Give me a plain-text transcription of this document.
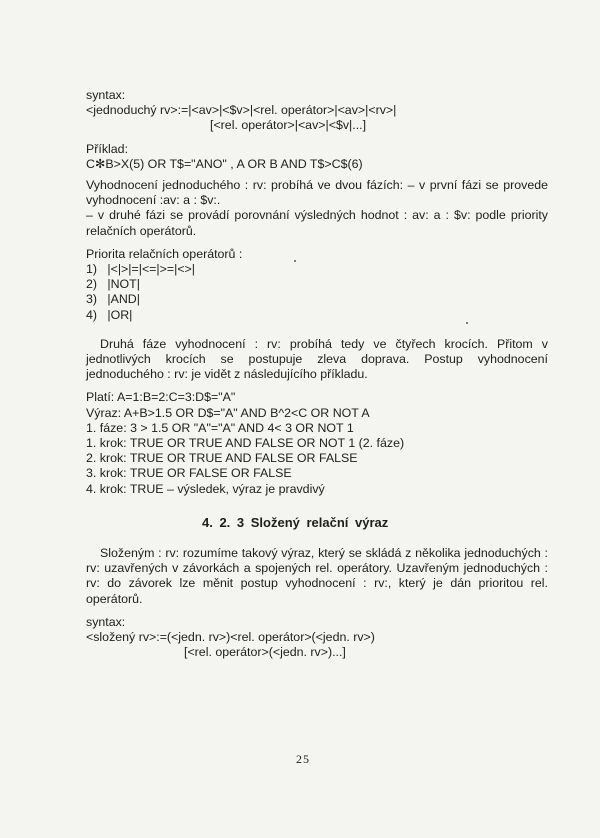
syntax:
<jednoduchý rv>:=|<av>|<$v>|<rel. operátor>|<av>|<rv>|
[<rel. operátor>|<av>|<$v|...]
Příklad:
C✻B>X(5) OR T$="ANO" , A OR B AND T$>C$(6)
Vyhodnocení jednoduchého : rv: probíhá ve dvou fázích: – v první fázi se provede vyhodnocení :av: a : $v:.
– v druhé fázi se provádí porovnání výsledných hodnot : av: a : $v: podle priority relačních operátorů.
Priorita relačních operátorů :
1) |<|>|=|<=|>=|<>|
2) |NOT|
3) |AND|
4) |OR|
Druhá fáze vyhodnocení : rv: probíhá tedy ve čtyřech krocích. Přitom v jednotlivých krocích se postupuje zleva doprava. Postup vyhodnocení jednoduchého : rv: je vidět z následujícího příkladu.
Platí: A=1:B=2:C=3:D$="A"
Výraz: A+B>1.5 OR D$="A" AND B^2<C OR NOT A
1. fáze: 3 > 1.5 OR "A"="A" AND 4< 3 OR NOT 1
1. krok: TRUE OR TRUE AND FALSE OR NOT 1 (2. fáze)
2. krok: TRUE OR TRUE AND FALSE OR FALSE
3. krok: TRUE OR FALSE OR FALSE
4. krok: TRUE – výsledek, výraz je pravdivý
4. 2. 3 Složený relační výraz
Složeným : rv: rozumíme takový výraz, který se skládá z několika jednoduchých : rv: uzavřených v závorkách a spojených rel. operátory. Uzavřeným jednoduchých : rv: do závorek lze měnit postup vyhodnocení : rv:, který je dán prioritou rel. operátorů.
syntax:
<složený rv>:=(<jedn. rv>)<rel. operátor>(<jedn. rv>)
[<rel. operátor>(<jedn. rv>)...]
25
